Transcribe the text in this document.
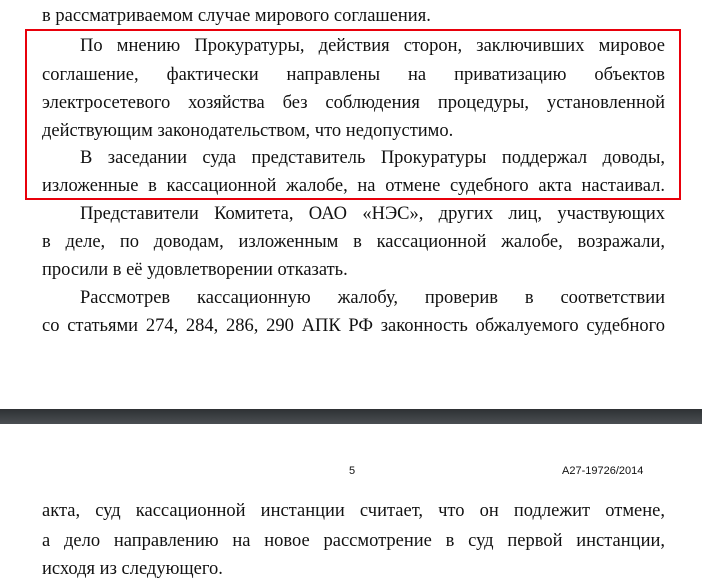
в рассматриваемом случае мирового соглашения.
По мнению Прокуратуры, действия сторон, заключивших мировое
соглашение, фактически направлены на приватизацию объектов
электросетевого хозяйства без соблюдения процедуры, установленной
действующим законодательством, что недопустимо.
В заседании суда представитель Прокуратуры поддержал доводы,
изложенные в кассационной жалобе, на отмене судебного акта настаивал.
Представители Комитета, ОАО «НЭС», других лиц, участвующих
в деле, по доводам, изложенным в кассационной жалобе, возражали,
просили в её удовлетворении отказать.
Рассмотрев кассационную жалобу, проверив в соответствии
со статьями 274, 284, 286, 290 АПК РФ законность обжалуемого судебного
5	А27-19726/2014
акта, суд кассационной инстанции считает, что он подлежит отмене,
а дело направлению на новое рассмотрение в суд первой инстанции,
исходя из следующего.
